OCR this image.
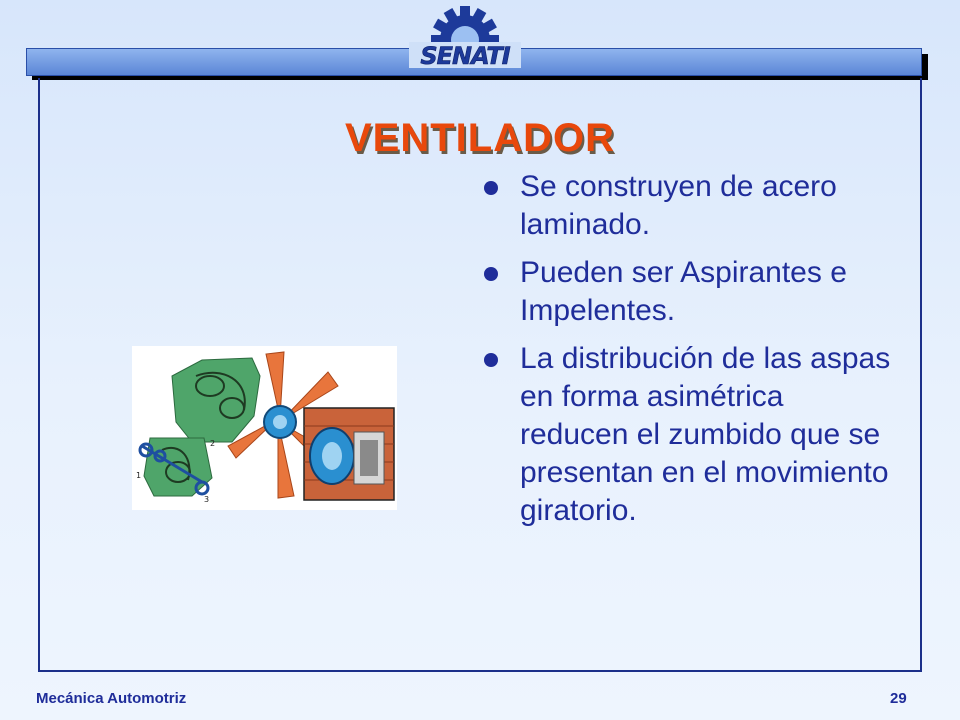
SENATI
VENTILADOR
Se construyen de acero laminado.
Pueden ser Aspirantes e Impelentes.
La distribución de las aspas en forma asimétrica reducen el zumbido que se presentan en el movimiento giratorio.
1
2
3
Mecánica Automotriz	29
